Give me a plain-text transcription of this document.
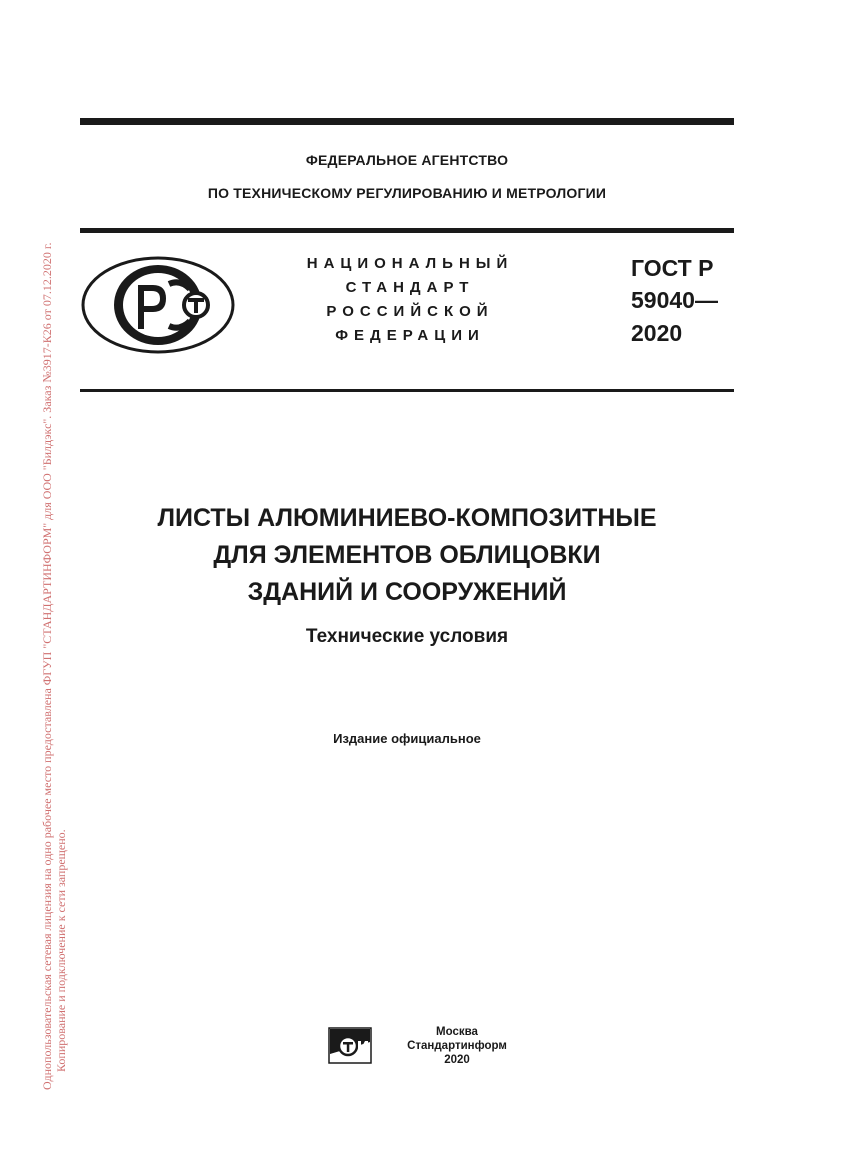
ФЕДЕРАЛЬНОЕ АГЕНТСТВО
ПО ТЕХНИЧЕСКОМУ РЕГУЛИРОВАНИЮ И МЕТРОЛОГИИ
НАЦИОНАЛЬНЫЙ
СТАНДАРТ
РОССИЙСКОЙ
ФЕДЕРАЦИИ
ГОСТ Р
59040—
2020
ЛИСТЫ АЛЮМИНИЕВО-КОМПОЗИТНЫЕ
ДЛЯ ЭЛЕМЕНТОВ ОБЛИЦОВКИ
ЗДАНИЙ И СООРУЖЕНИЙ
Технические условия
Издание официальное
Москва
Стандартинформ
2020
Однопользовательская сетевая лицензия на одно рабочее место предоставлена ФГУП "СТАНДАРТИНФОРМ" для ООО "Билдэкс". Заказ №3917-К26 от 07.12.2020 г. Копирование и подключение к сети запрещено.
